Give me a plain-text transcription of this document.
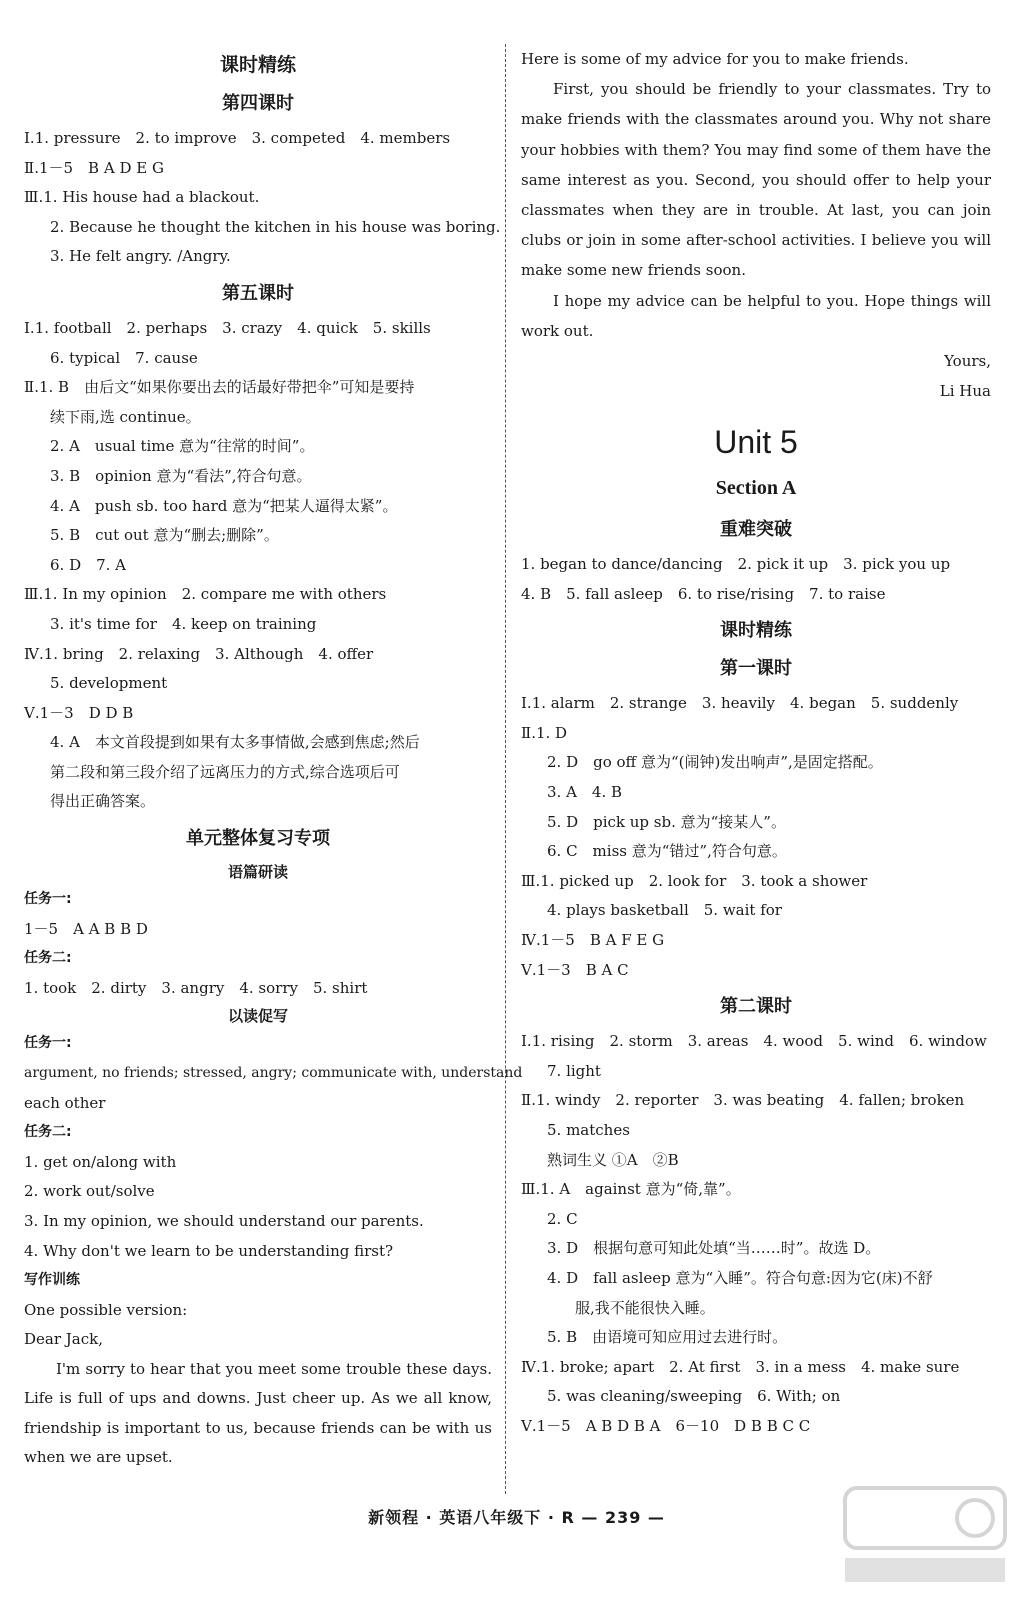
课时精练
第四课时
Ⅰ.1. pressure　2. to improve　3. competed　4. members
Ⅱ.1－5　B A D E G
Ⅲ.1. His house had a blackout.
2. Because he thought the kitchen in his house was boring.
3. He felt angry. /Angry.
第五课时
Ⅰ.1. football　2. perhaps　3. crazy　4. quick　5. skills
6. typical　7. cause
Ⅱ.1. B　由后文“如果你要出去的话最好带把伞”可知是要持
续下雨,选 continue。
2. A　usual time 意为“往常的时间”。
3. B　opinion 意为“看法”,符合句意。
4. A　push sb. too hard 意为“把某人逼得太紧”。
5. B　cut out 意为“删去;删除”。
6. D　7. A
Ⅲ.1. In my opinion　2. compare me with others
3. it's time for　4. keep on training
Ⅳ.1. bring　2. relaxing　3. Although　4. offer
5. development
Ⅴ.1－3　D D B
4. A　本文首段提到如果有太多事情做,会感到焦虑;然后
第二段和第三段介绍了远离压力的方式,综合选项后可
得出正确答案。
单元整体复习专项
语篇研读
任务一:
1－5　A A B B D
任务二:
1. took　2. dirty　3. angry　4. sorry　5. shirt
以读促写
任务一:
argument, no friends; stressed, angry; communicate with, understand
each other
任务二:
1. get on/along with
2. work out/solve
3. In my opinion, we should understand our parents.
4. Why don't we learn to be understanding first?
写作训练
One possible version:
Dear Jack,
I'm sorry to hear that you meet some trouble these days. Life is full of ups and downs. Just cheer up. As we all know, friendship is important to us, because friends can be with us when we are upset.
Here is some of my advice for you to make friends.
First, you should be friendly to your classmates. Try to make friends with the classmates around you. Why not share your hobbies with them? You may find some of them have the same interest as you. Second, you should offer to help your classmates when they are in trouble. At last, you can join clubs or join in some after-school activities. I believe you will make some new friends soon.
I hope my advice can be helpful to you. Hope things will work out.
Yours,
Li Hua
Unit 5
Section A
重难突破
1. began to dance/dancing　2. pick it up　3. pick you up
4. B　5. fall asleep　6. to rise/rising　7. to raise
课时精练
第一课时
Ⅰ.1. alarm　2. strange　3. heavily　4. began　5. suddenly
Ⅱ.1. D
2. D　go off 意为“(闹钟)发出响声”,是固定搭配。
3. A　4. B
5. D　pick up sb. 意为“接某人”。
6. C　miss 意为“错过”,符合句意。
Ⅲ.1. picked up　2. look for　3. took a shower
4. plays basketball　5. wait for
Ⅳ.1－5　B A F E G
Ⅴ.1－3　B A C
第二课时
Ⅰ.1. rising　2. storm　3. areas　4. wood　5. wind　6. window
7. light
Ⅱ.1. windy　2. reporter　3. was beating　4. fallen; broken
5. matches
熟词生义 ①A　②B
Ⅲ.1. A　against 意为“倚,靠”。
2. C
3. D　根据句意可知此处填“当……时”。故选 D。
4. D　fall asleep 意为“入睡”。符合句意:因为它(床)不舒
服,我不能很快入睡。
5. B　由语境可知应用过去进行时。
Ⅳ.1. broke; apart　2. At first　3. in a mess　4. make sure
5. was cleaning/sweeping　6. With; on
Ⅴ.1－5　A B D B A　6－10　D B B C C
新领程 · 英语八年级下 · R — 239 —
